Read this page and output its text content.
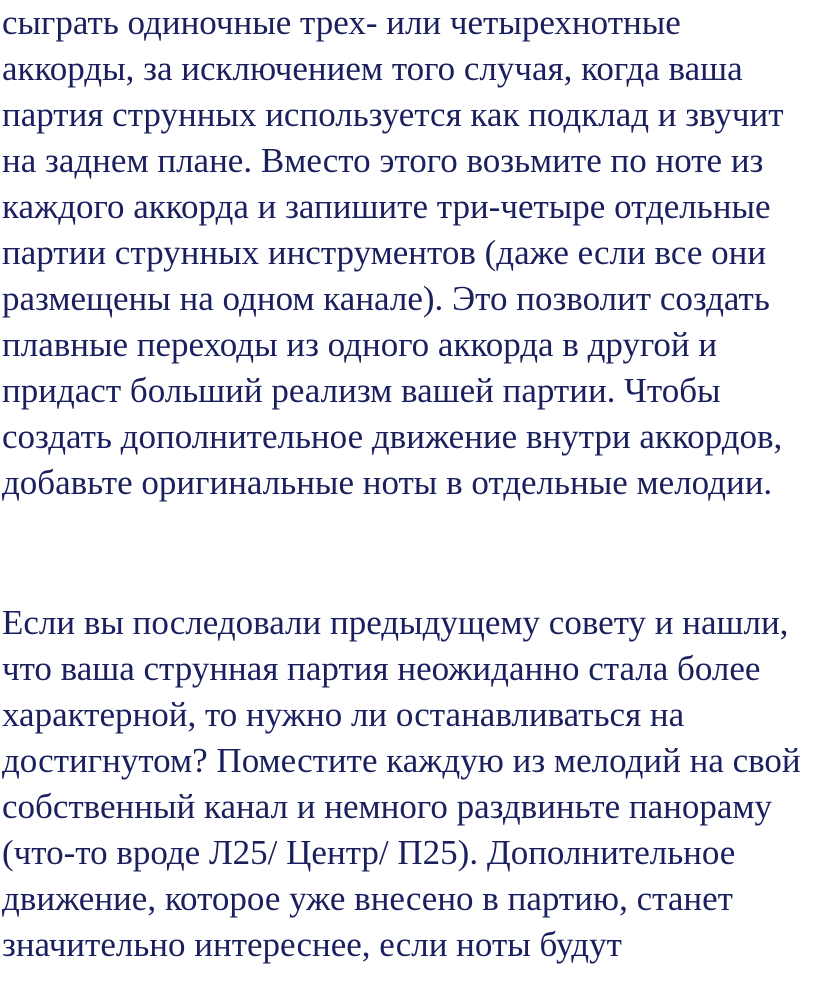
сыграть одиночные трех- или четырехнотные
аккорды, за исключением того случая, когда ваша
партия струнных используется как подклад и звучит
на заднем плане. Вместо этого возьмите по ноте из
каждого аккорда и запишите три-четыре отдельные
партии струнных инструментов (даже если все они
размещены на одном канале). Это позволит создать
плавные переходы из одного аккорда в другой и
придаст больший реализм вашей партии. Чтобы
создать дополнительное движение внутри аккордов,
добавьте оригинальные ноты в отдельные мелодии.

Если вы последовали предыдущему совету и нашли,
что ваша струнная партия неожиданно стала более
характерной, то нужно ли останавливаться на
достигнутом? Поместите каждую из мелодий на свой
собственный канал и немного раздвиньте панораму
(что-то вроде Л25/ Центр/ П25). Дополнительное
движение, которое уже внесено в партию, станет
значительно интереснее, если ноты будут
